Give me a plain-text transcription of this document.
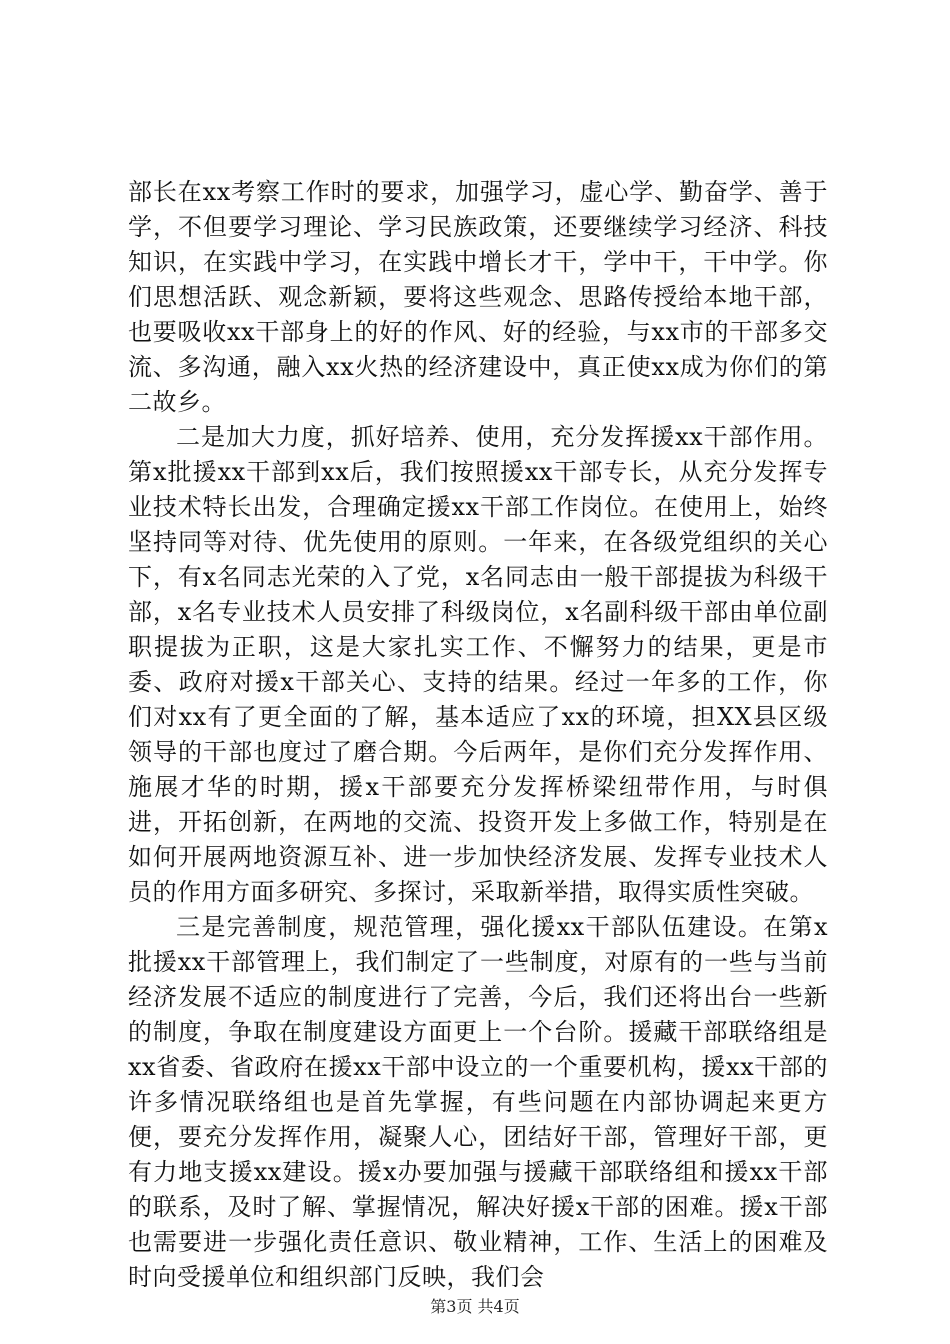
部长在xx考察工作时的要求，加强学习，虚心学、勤奋学、善于学，不但要学习理论、学习民族政策，还要继续学习经济、科技知识，在实践中学习，在实践中增长才干，学中干，干中学。你们思想活跃、观念新颖，要将这些观念、思路传授给本地干部，也要吸收xx干部身上的好的作风、好的经验，与xx市的干部多交流、多沟通，融入xx火热的经济建设中，真正使xx成为你们的第二故乡。

二是加大力度，抓好培养、使用，充分发挥援xx干部作用。第x批援xx干部到xx后，我们按照援xx干部专长，从充分发挥专业技术特长出发，合理确定援xx干部工作岗位。在使用上，始终坚持同等对待、优先使用的原则。一年来，在各级党组织的关心下，有x名同志光荣的入了党，x名同志由一般干部提拔为科级干部，x名专业技术人员安排了科级岗位，x名副科级干部由单位副职提拔为正职，这是大家扎实工作、不懈努力的结果，更是市委、政府对援x干部关心、支持的结果。经过一年多的工作，你们对xx有了更全面的了解，基本适应了xx的环境，担XX县区级领导的干部也度过了磨合期。今后两年，是你们充分发挥作用、施展才华的时期，援x干部要充分发挥桥梁纽带作用，与时俱进，开拓创新，在两地的交流、投资开发上多做工作，特别是在如何开展两地资源互补、进一步加快经济发展、发挥专业技术人员的作用方面多研究、多探讨，采取新举措，取得实质性突破。

三是完善制度，规范管理，强化援xx干部队伍建设。在第x批援xx干部管理上，我们制定了一些制度，对原有的一些与当前经济发展不适应的制度进行了完善，今后，我们还将出台一些新的制度，争取在制度建设方面更上一个台阶。援藏干部联络组是xx省委、省政府在援xx干部中设立的一个重要机构，援xx干部的许多情况联络组也是首先掌握，有些问题在内部协调起来更方便，要充分发挥作用，凝聚人心，团结好干部，管理好干部，更有力地支援xx建设。援x办要加强与援藏干部联络组和援xx干部的联系，及时了解、掌握情况，解决好援x干部的困难。援x干部也需要进一步强化责任意识、敬业精神，工作、生活上的困难及时向受援单位和组织部门反映，我们会

第3页 共4页
